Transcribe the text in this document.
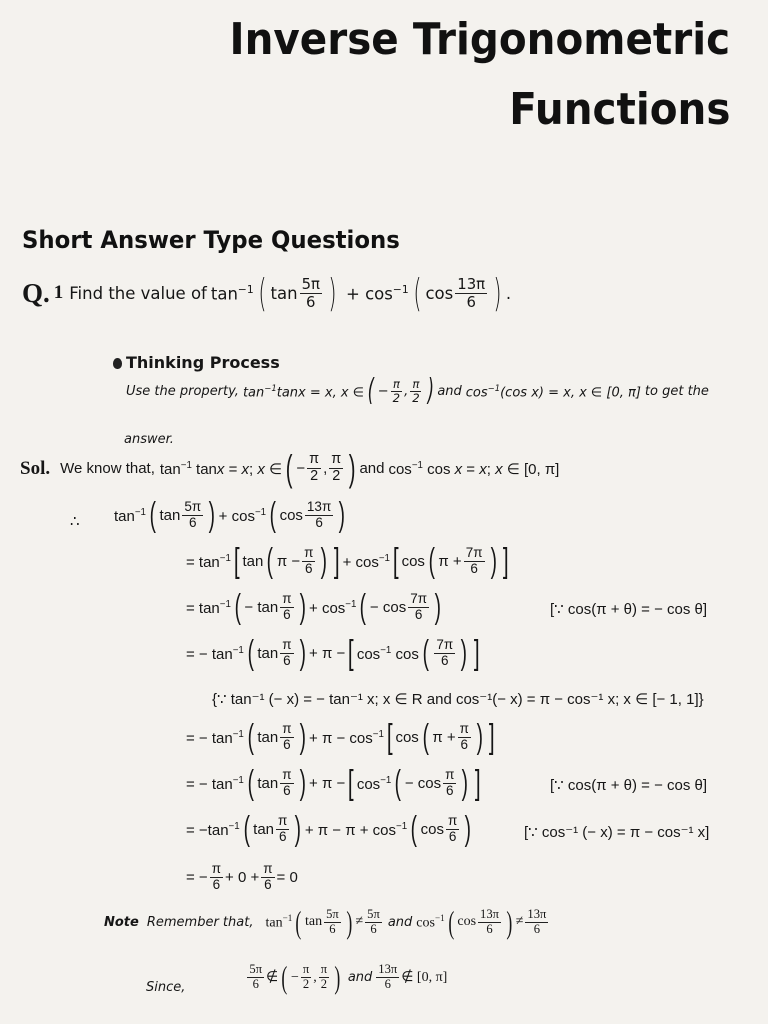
Inverse Trigonometric
Functions
Short Answer Type Questions
Q. 1 Find the value of $\tan^{-1}$ ( $\tan \frac{5\pi}{6}$ ) + $\cos^{-1}$ ( $\cos \frac{13\pi}{6}$ ) .
Thinking Process
Use the property, $\tan^{-1}\tan x = x$, x ∈ ( − $\frac{\pi}{2}$ , $\frac{\pi}{2}$ ) and $\cos^{-1}(\cos$ x) = x, x ∈ [0, π] to get the
answer.
Sol. We know that, $\tan^{-1} \tan x = x$; x ∈ ( − $\frac{\pi}{2}$ , $\frac{\pi}{2}$ ) and $\cos^{-1} \cos x = x$; x ∈ [0, π]
∴ $\tan^{-1}$ ( $\tan \frac{5\pi}{6}$ ) + $\cos^{-1}$ ( $\cos \frac{13\pi}{6}$ )
= $\tan^{-1}$ [ tan ( $\pi - \frac{\pi}{6}$ ) ] + $\cos^{-1}$ [ cos ( $\pi + \frac{7\pi}{6}$ ) ]
= $\tan^{-1}$ ( − $\tan \frac{\pi}{6}$ ) + $\cos^{-1}$ ( − $\cos \frac{7\pi}{6}$ )	[∵ cos(π + θ) = − cos θ]
= − $\tan^{-1}$ ( $\tan \frac{\pi}{6}$ ) + π − [ $\cos^{-1} \cos$ ( $\frac{7\pi}{6}$ ) ]
{∵ tan⁻¹ (− x) = − tan⁻¹ x; x ∈ R and cos⁻¹(− x) = π − cos⁻¹ x; x ∈ [− 1, 1]}
= − $\tan^{-1}$ ( $\tan \frac{\pi}{6}$ ) + $\pi - \cos^{-1}$ [ cos ( $\pi + \frac{\pi}{6}$ ) ]
= − $\tan^{-1}$ ( $\tan \frac{\pi}{6}$ ) + π − [ $\cos^{-1}$ ( − $\cos \frac{\pi}{6}$ ) ]	[∵ cos(π + θ) = − cos θ]
= $-\tan^{-1}$ ( $\tan \frac{\pi}{6}$ ) + $\pi - \pi + \cos^{-1}$ ( $\cos \frac{\pi}{6}$ )	[∵ cos⁻¹ (− x) = π − cos⁻¹ x]
= − $\frac{\pi}{6} + 0 + \frac{\pi}{6} = 0$
Note Remember that, $\tan^{-1}$ ( $\tan \frac{5\pi}{6}$ ) ≠ $\frac{5\pi}{6}$ and $\cos^{-1}$ ( $\cos \frac{13\pi}{6}$ ) ≠ $\frac{13\pi}{6}$
Since,	$\frac{5\pi}{6}$ ∉ ( − $\frac{\pi}{2}$ , $\frac{\pi}{2}$ ) and $\frac{13\pi}{6}$ ∉ [0, π]
